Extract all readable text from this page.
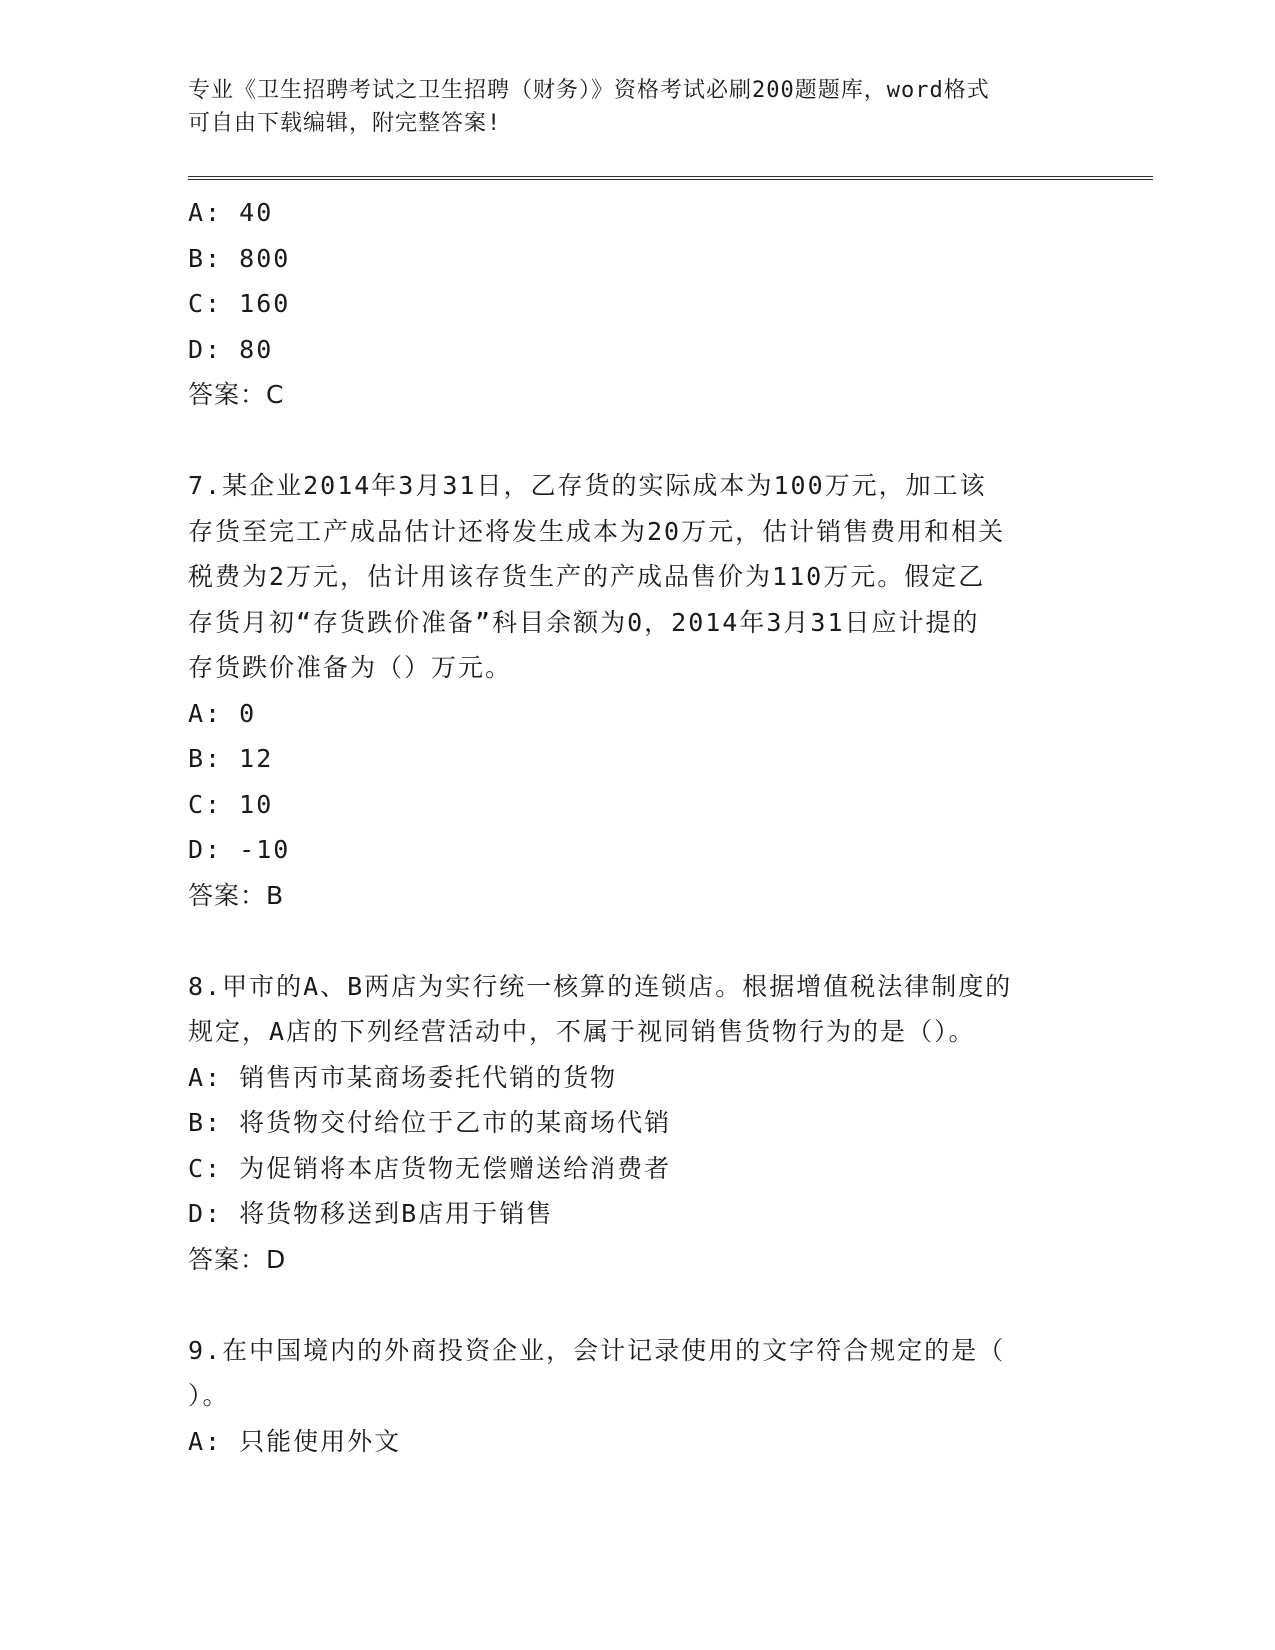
专业《卫生招聘考试之卫生招聘（财务）》资格考试必刷200题题库，word格式
可自由下载编辑，附完整答案!
A: 40
B: 800
C: 160
D: 80
答案：C
7.某企业2014年3月31日，乙存货的实际成本为100万元，加工该
存货至完工产成品估计还将发生成本为20万元，估计销售费用和相关
税费为2万元，估计用该存货生产的产成品售价为110万元。假定乙
存货月初“存货跌价准备”科目余额为0，2014年3月31日应计提的
存货跌价准备为（）万元。
A: 0
B: 12
C: 10
D: -10
答案：B
8.甲市的A、B两店为实行统一核算的连锁店。根据增值税法律制度的
规定，A店的下列经营活动中，不属于视同销售货物行为的是（）。
A: 销售丙市某商场委托代销的货物
B: 将货物交付给位于乙市的某商场代销
C: 为促销将本店货物无偿赠送给消费者
D: 将货物移送到B店用于销售
答案：D
9.在中国境内的外商投资企业，会计记录使用的文字符合规定的是（
）。
A: 只能使用外文
